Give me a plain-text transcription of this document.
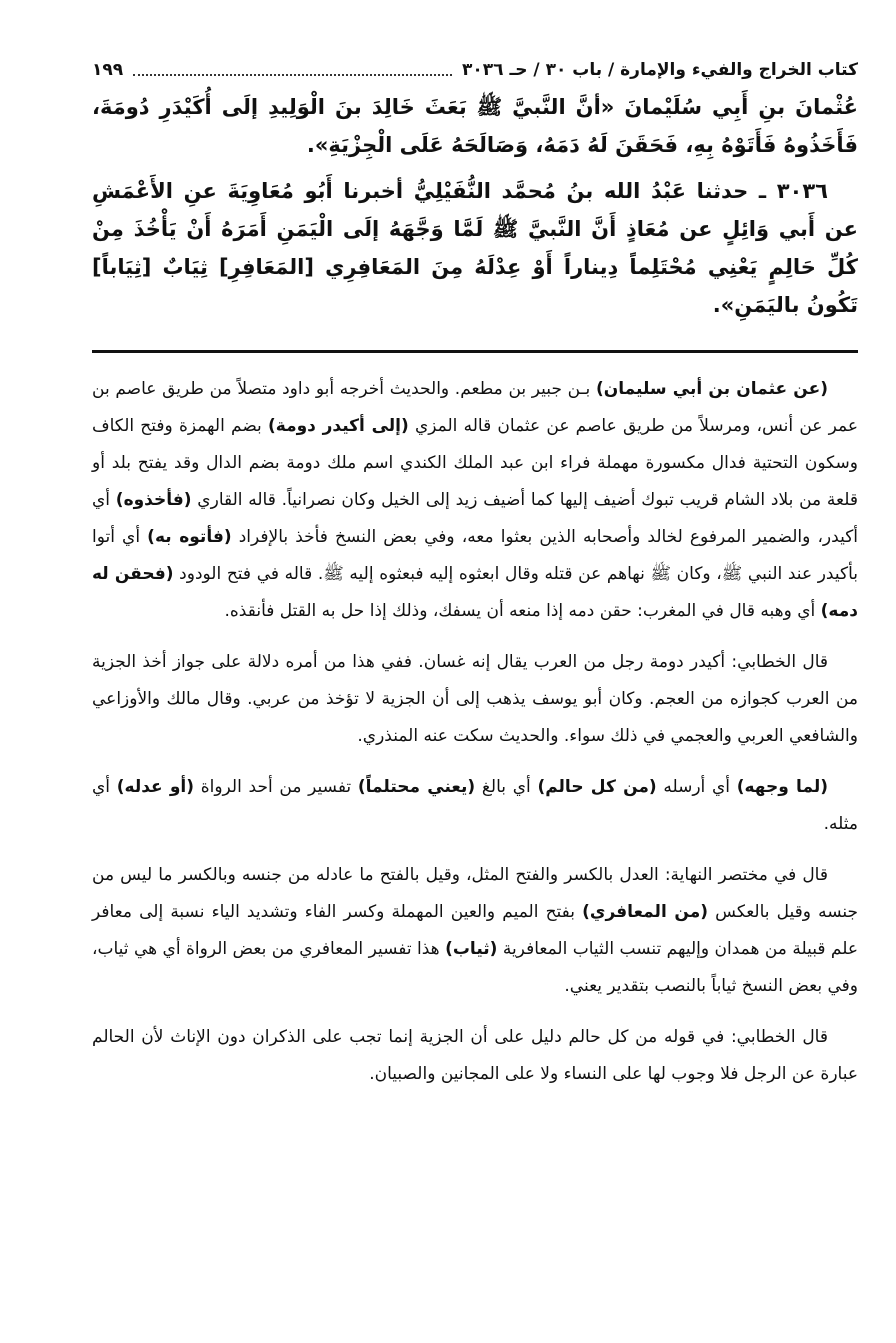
كتاب الخراج والفيء والإمارة / باب ٣٠ / حـ ٣٠٣٦
١٩٩

عُثْمانَ بنِ أَبِي سُلَيْمانَ «أنَّ النَّبيَّ ﷺ بَعَثَ خَالِدَ بنَ الْوَلِيدِ إلَى أُكَيْدَرِ دُومَةَ، فَأَخَذُوهُ فَأَتَوْهُ بِهِ، فَحَقَنَ لَهُ دَمَهُ، وَصَالَحَهُ عَلَى الْجِزْيَةِ».

٣٠٣٦ ـ حدثنا عَبْدُ الله بنُ مُحمَّد النُّفَيْلِيُّ أخبرنا أَبُو مُعَاوِيَةَ عنِ الأَعْمَشِ عن أَبي وَائِلٍ عن مُعَاذٍ أَنَّ النَّبيَّ ﷺ لَمَّا وَجَّهَهُ إلَى الْيَمَنِ أَمَرَهُ أَنْ يَأْخُذَ مِنْ كُلِّ حَالِمٍ يَعْنِي مُحْتَلِماً دِيناراً أَوْ عِدْلَهُ مِنَ المَعَافِرِي [المَعَافِرِ] ثِيَابٌ [ثِيَاباً] تَكُونُ باليَمَنِ».

(عن عثمان بن أبي سليمان) بـن جبير بن مطعم. والحديث أخرجه أبو داود متصلاً من طريق عاصم بن عمر عن أنس، ومرسلاً من طريق عاصم عن عثمان قاله المزي (إلى أكيدر دومة) بضم الهمزة وفتح الكاف وسكون التحتية فدال مكسورة مهملة فراء ابن عبد الملك الكندي اسم ملك دومة بضم الدال وقد يفتح بلد أو قلعة من بلاد الشام قريب تبوك أضيف إليها كما أضيف زيد إلى الخيل وكان نصرانياً. قاله القاري (فأخذوه) أي أكيدر، والضمير المرفوع لخالد وأصحابه الذين بعثوا معه، وفي بعض النسخ فأخذ بالإفراد (فأتوه به) أي أتوا بأكيدر عند النبي ﷺ، وكان ﷺ نهاهم عن قتله وقال ابعثوه إليه فبعثوه إليه ﷺ. قاله في فتح الودود (فحقن له دمه) أي وهبه قال في المغرب: حقن دمه إذا منعه أن يسفك، وذلك إذا حل به القتل فأنقذه.

قال الخطابي: أكيدر دومة رجل من العرب يقال إنه غسان. ففي هذا من أمره دلالة على جواز أخذ الجزية من العرب كجوازه من العجم. وكان أبو يوسف يذهب إلى أن الجزية لا تؤخذ من عربي. وقال مالك والأوزاعي والشافعي العربي والعجمي في ذلك سواء. والحديث سكت عنه المنذري.

(لما وجهه) أي أرسله (من كل حالم) أي بالغ (يعني محتلماً) تفسير من أحد الرواة (أو عدله) أي مثله.

قال في مختصر النهاية: العدل بالكسر والفتح المثل، وقيل بالفتح ما عادله من جنسه وبالكسر ما ليس من جنسه وقيل بالعكس (من المعافري) بفتح الميم والعين المهملة وكسر الفاء وتشديد الياء نسبة إلى معافر علم قبيلة من همدان وإليهم تنسب الثياب المعافرية (ثياب) هذا تفسير المعافري من بعض الرواة أي هي ثياب، وفي بعض النسخ ثياباً بالنصب بتقدير يعني.

قال الخطابي: في قوله من كل حالم دليل على أن الجزية إنما تجب على الذكران دون الإناث لأن الحالم عبارة عن الرجل فلا وجوب لها على النساء ولا على المجانين والصبيان.
